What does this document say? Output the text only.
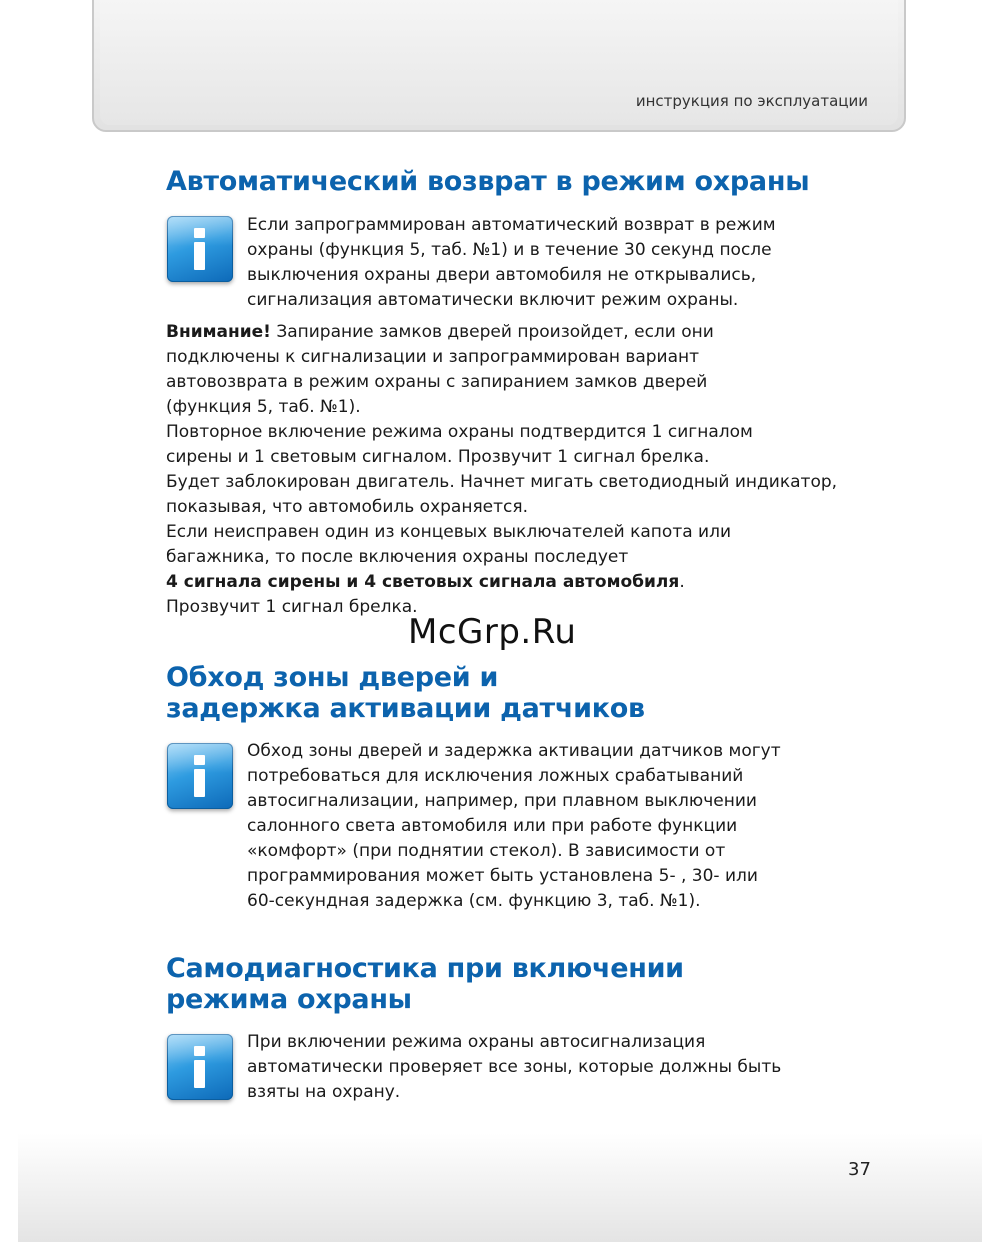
инструкция по эксплуатации
Автоматический возврат в режим охраны

Если запрограммирован автоматический возврат в режим

охраны (функция 5, таб. №1) и в течение 30 секунд после

выключения охраны двери автомобиля не открывались,

сигнализация автоматически включит режим охраны.

Внимание! Запирание замков дверей произойдет, если они

подключены к сигнализации и запрограммирован вариант

автовозврата в режим охраны с запиранием замков дверей

(функция 5, таб. №1).

Повторное включение режима охраны подтвердится 1 сигналом

сирены и 1 световым сигналом. Прозвучит 1 сигнал брелка.

Будет заблокирован двигатель. Начнет мигать светодиодный индикатор,

показывая, что автомобиль охраняется.

Если неисправен один из концевых выключателей капота или

багажника, то после включения охраны последует

4 сигнала сирены и 4 световых сигнала автомобиля.

Прозвучит 1 сигнал брелка.

McGrp.Ru
Обход зоны дверей и
задержка активации датчиков

Обход зоны дверей и задержка активации датчиков могут

потребоваться для исключения ложных срабатываний

автосигнализации, например, при плавном выключении

салонного света автомобиля или при работе функции

«комфорт» (при поднятии стекол). В зависимости от

программирования может быть установлена 5- , 30- или

60-секундная задержка (см. функцию 3, таб. №1).

Самодиагностика при включении
режима охраны

При включении режима охраны автосигнализация

автоматически проверяет все зоны, которые должны быть

взяты на охрану.

37
